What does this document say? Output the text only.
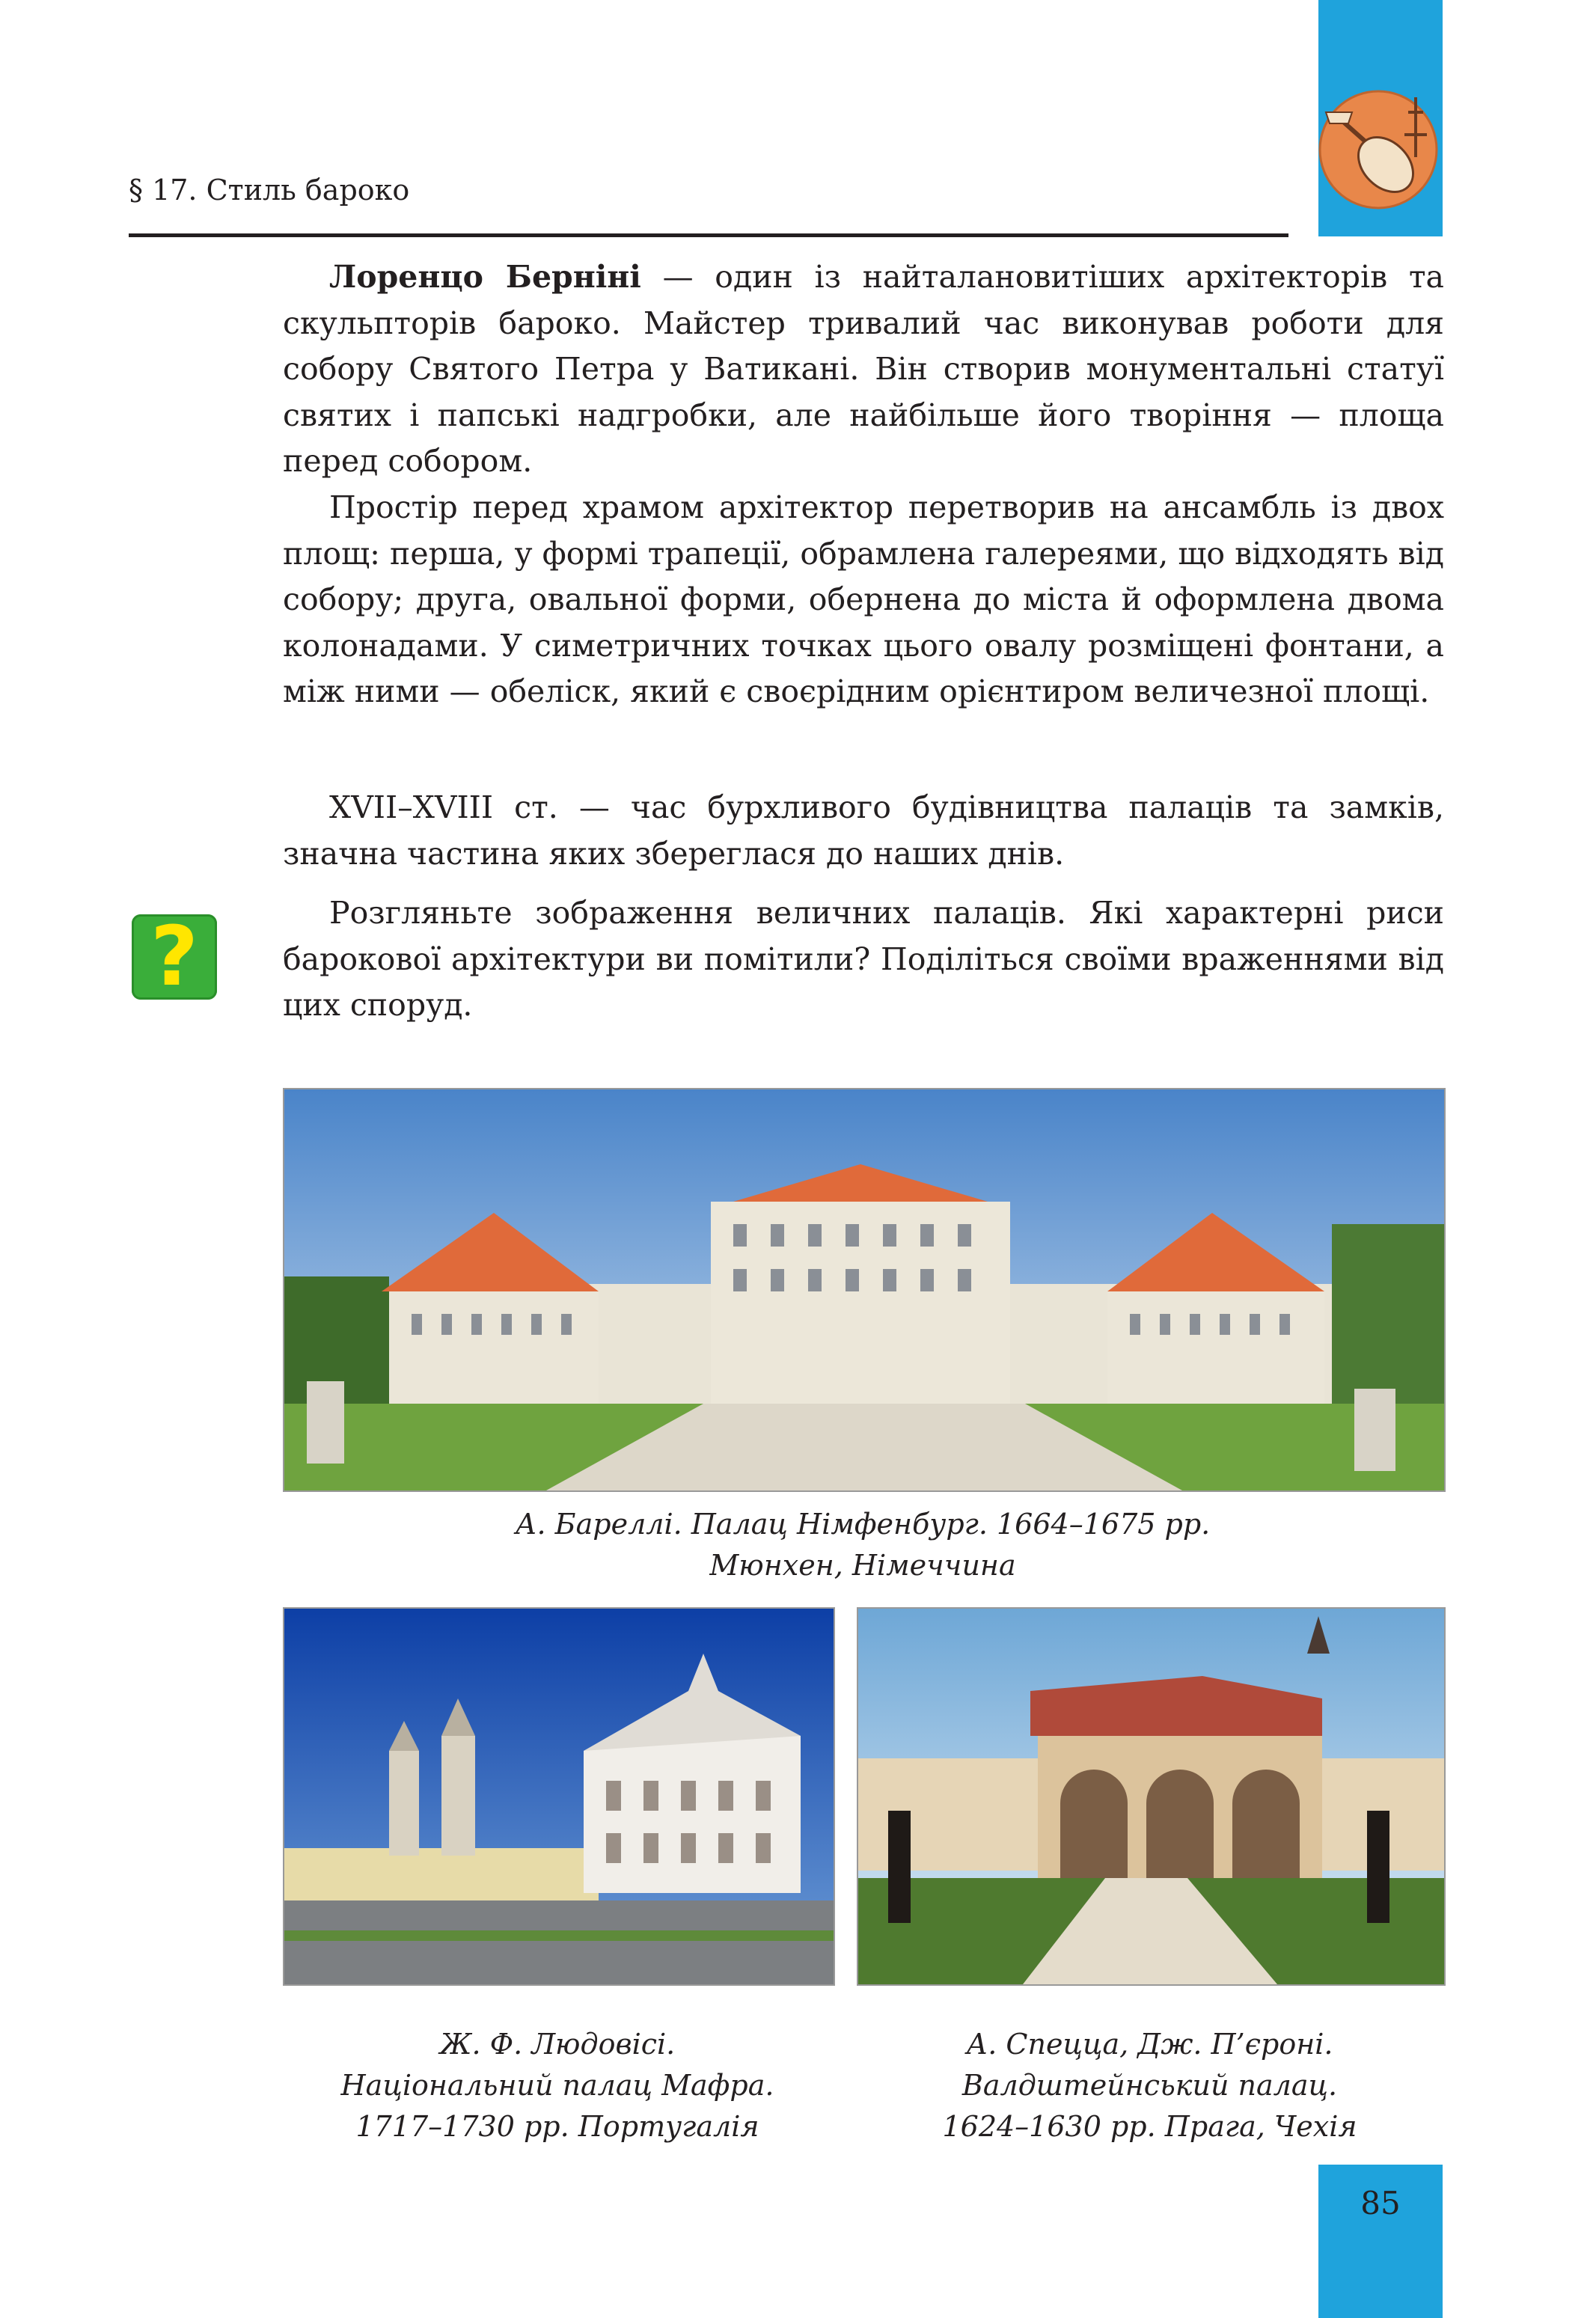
§ 17. Стиль бароко

Лоренцо Берніні — один із найталановитіших архітекторів та скульпторів бароко. Майстер тривалий час виконував роботи для собору Святого Петра у Ватикані. Він створив монументальні статуї святих і папські надгробки, але найбільше його творіння — площа перед собором.

Простір перед храмом архітектор перетворив на ансамбль із двох площ: перша, у формі трапеції, обрамлена галереями, що відходять від собору; друга, овальної форми, обернена до міста й оформлена двома колонадами. У симетричних точках цього овалу розміщені фонтани, а між ними — обеліск, який є своєрідним орієнтиром величезної площі.

XVII–XVIII ст. — час бурхливого будівництва палаців та замків, значна частина яких збереглася до наших днів.

Розгляньте зображення величних палаців. Які характерні риси барокової архітектури ви помітили? Поділіться своїми враженнями від цих споруд.

?
А. Бареллі. Палац Німфенбург. 1664–1675 рр.
Мюнхен, Німеччина
Ж. Ф. Людовісі.
Національний палац Мафра.
1717–1730 рр. Португалія
А. Спецца, Дж. П’єроні.
Валдштейнський палац.
1624–1630 рр. Прага, Чехія
85
